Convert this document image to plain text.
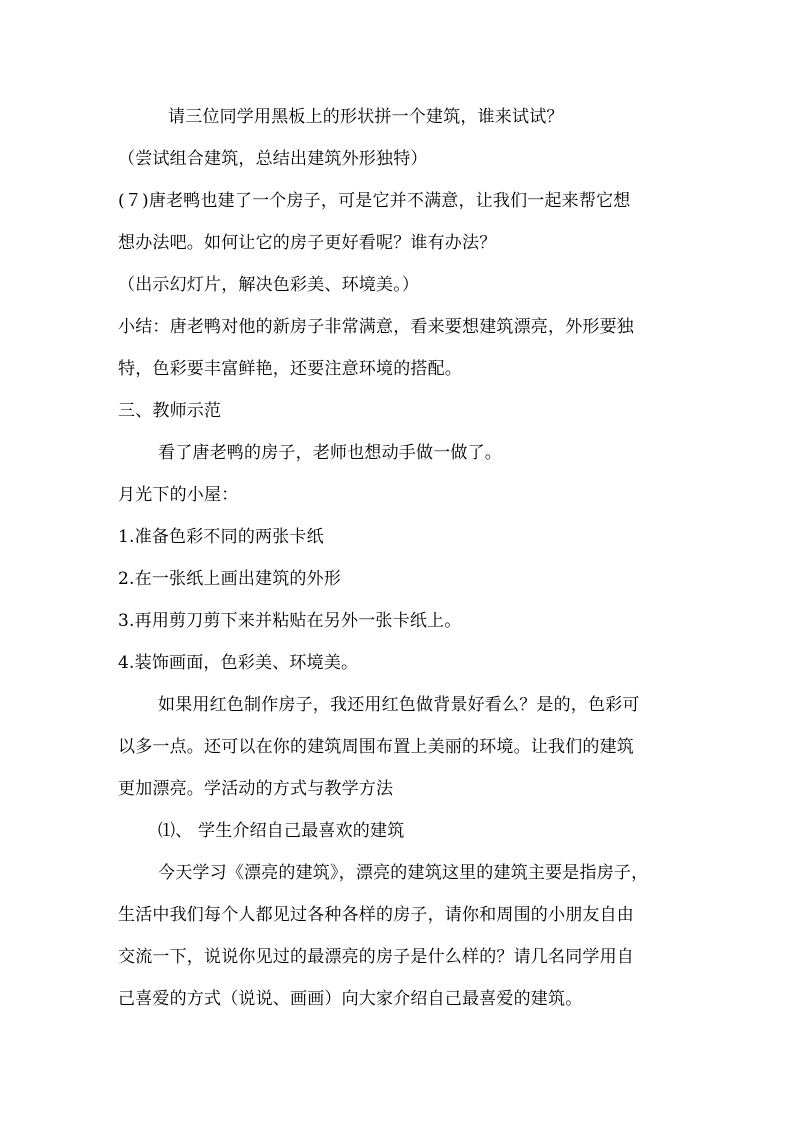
请三位同学用黑板上的形状拼一个建筑，谁来试试？
（尝试组合建筑，总结出建筑外形独特）
(７)唐老鸭也建了一个房子，可是它并不满意，让我们一起来帮它想
想办法吧。如何让它的房子更好看呢？谁有办法？
（出示幻灯片，解决色彩美、环境美。）
小结：唐老鸭对他的新房子非常满意，看来要想建筑漂亮，外形要独
特，色彩要丰富鲜艳，还要注意环境的搭配。
三、教师示范
看了唐老鸭的房子，老师也想动手做一做了。
月光下的小屋：
1.准备色彩不同的两张卡纸
2.在一张纸上画出建筑的外形
3.再用剪刀剪下来并粘贴在另外一张卡纸上。
4.装饰画面，色彩美、环境美。
如果用红色制作房子，我还用红色做背景好看么？是的，色彩可
以多一点。还可以在你的建筑周围布置上美丽的环境。让我们的建筑
更加漂亮。学活动的方式与教学方法
⑴、 学生介绍自己最喜欢的建筑
今天学习《漂亮的建筑》，漂亮的建筑这里的建筑主要是指房子，
生活中我们每个人都见过各种各样的房子，请你和周围的小朋友自由
交流一下，说说你见过的最漂亮的房子是什么样的？请几名同学用自
己喜爱的方式（说说、画画）向大家介绍自己最喜爱的建筑。
